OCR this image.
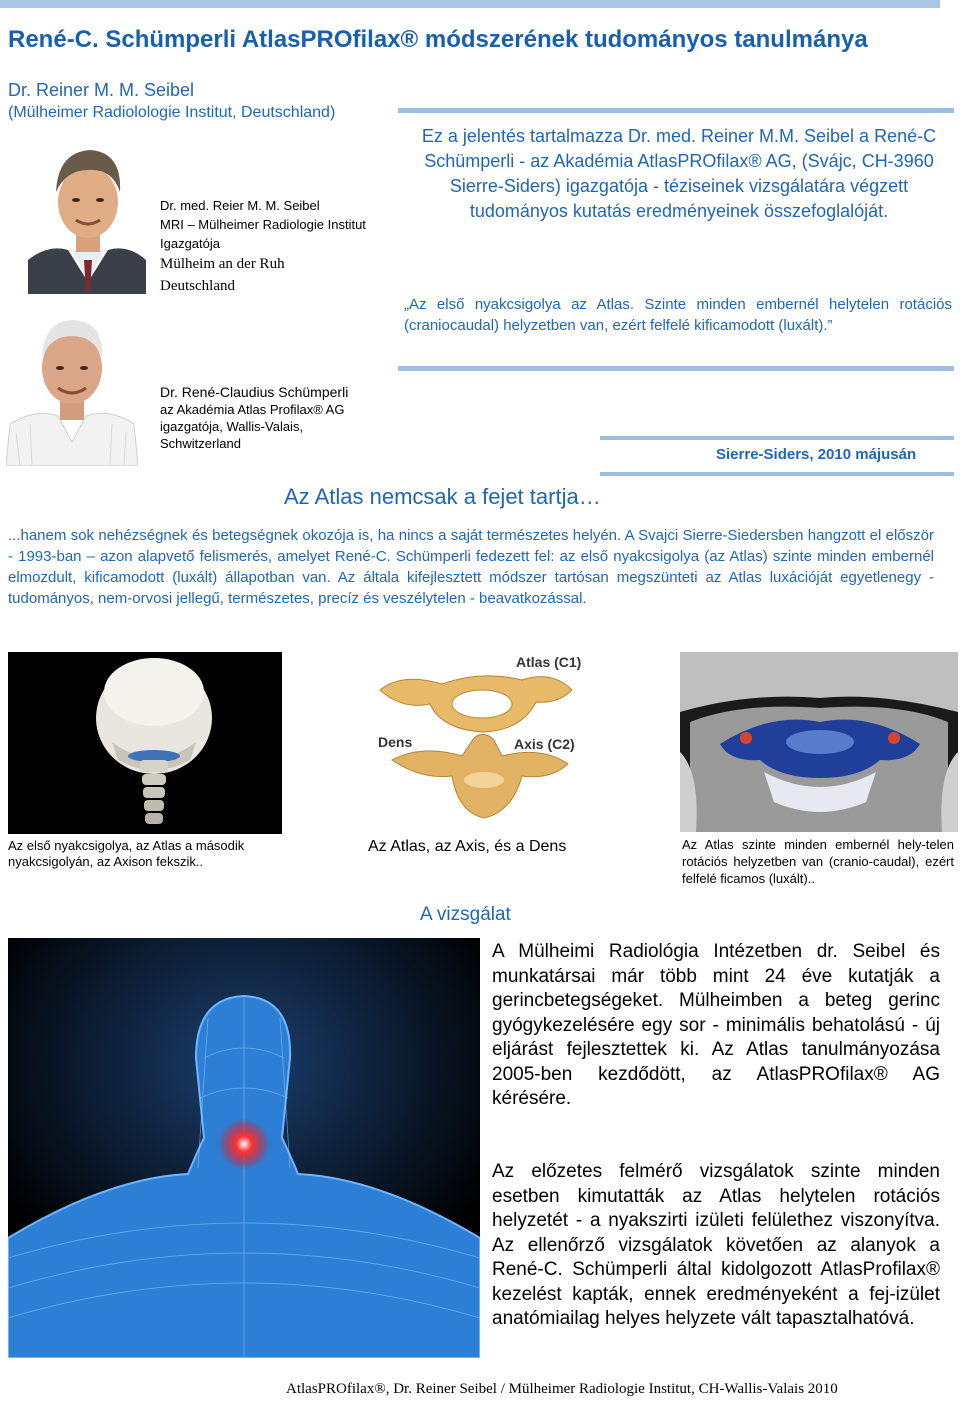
René-C. Schümperli AtlasPROfilax® módszerének tudományos tanulmánya
Dr. Reiner M. M. Seibel
(Mülheimer Radiolologie Institut, Deutschland)
Dr. med. Reier M. M. Seibel
MRI – Mülheimer Radiologie Institut
Igazgatója
Mülheim an der Ruh
Deutschland
Dr. René-Claudius Schümperli
az Akadémia Atlas Profilax® AG
igazgatója, Wallis-Valais,
Schwitzerland

Ez a jelentés tartalmazza Dr. med. Reiner M.M. Seibel a René-C Schümperli - az Akadémia AtlasPROfilax® AG, (Svájc, CH-3960 Sierre-Siders) igazgatója - téziseinek vizsgálatára végzett tudományos kutatás eredményeinek összefoglalóját.

„Az első nyakcsigolya az Atlas. Szinte minden embernél helytelen rotációs (craniocaudal) helyzetben van, ezért felfelé kificamodott (luxált).”

Sierre-Siders, 2010 májusán
Az Atlas nemcsak a fejet tartja…

...hanem sok nehézségnek és betegségnek okozója is, ha nincs a saját természetes helyén. A Svajci Sierre-Siedersben hangzott el először - 1993-ban – azon alapvető felismerés, amelyet René-C. Schümperli fedezett fel: az első nyakcsigolya (az Atlas) szinte minden embernél elmozdult, kificamodott (luxált) állapotban van. Az általa kifejlesztett módszer tartósan megszünteti az Atlas luxációját egyetlenegy - tudományos, nem-orvosi jellegű, természetes, precíz és veszélytelen - beavatkozással.

Az első nyakcsigolya, az Atlas a második nyakcsigolyán, az Axison fekszik..

Atlas (C1)
Dens	Axis (C2)
Az Atlas, az Axis, és a Dens	Az Atlas szinte minden embernél hely-telen rotációs helyzetben van (cranio-caudal), ezért felfelé ficamos (luxált)..

A vizsgálat

A Mülheimi Radiológia Intézetben dr. Seibel és munkatársai már több mint 24 éve kutatják a gerincbetegségeket. Mülheimben a beteg gerinc gyógykezelésére egy sor - minimális behatolású - új eljárást fejlesztettek ki. Az Atlas tanulmányozása 2005-ben kezdődött, az AtlasPROfilax® AG kérésére.

Az előzetes felmérő vizsgálatok szinte minden esetben kimutatták az Atlas helytelen rotációs helyzetét - a nyakszirti izületi felülethez viszonyítva. Az ellenőrző vizsgálatok követően az alanyok a René-C. Schümperli által kidolgozott AtlasProfilax® kezelést kapták, ennek eredményeként a fej-izület anatómiailag helyes helyzete vált tapasztalhatóvá.

AtlasPROfilax®, Dr. Reiner Seibel / Mülheimer Radiologie Institut, CH-Wallis-Valais 2010
